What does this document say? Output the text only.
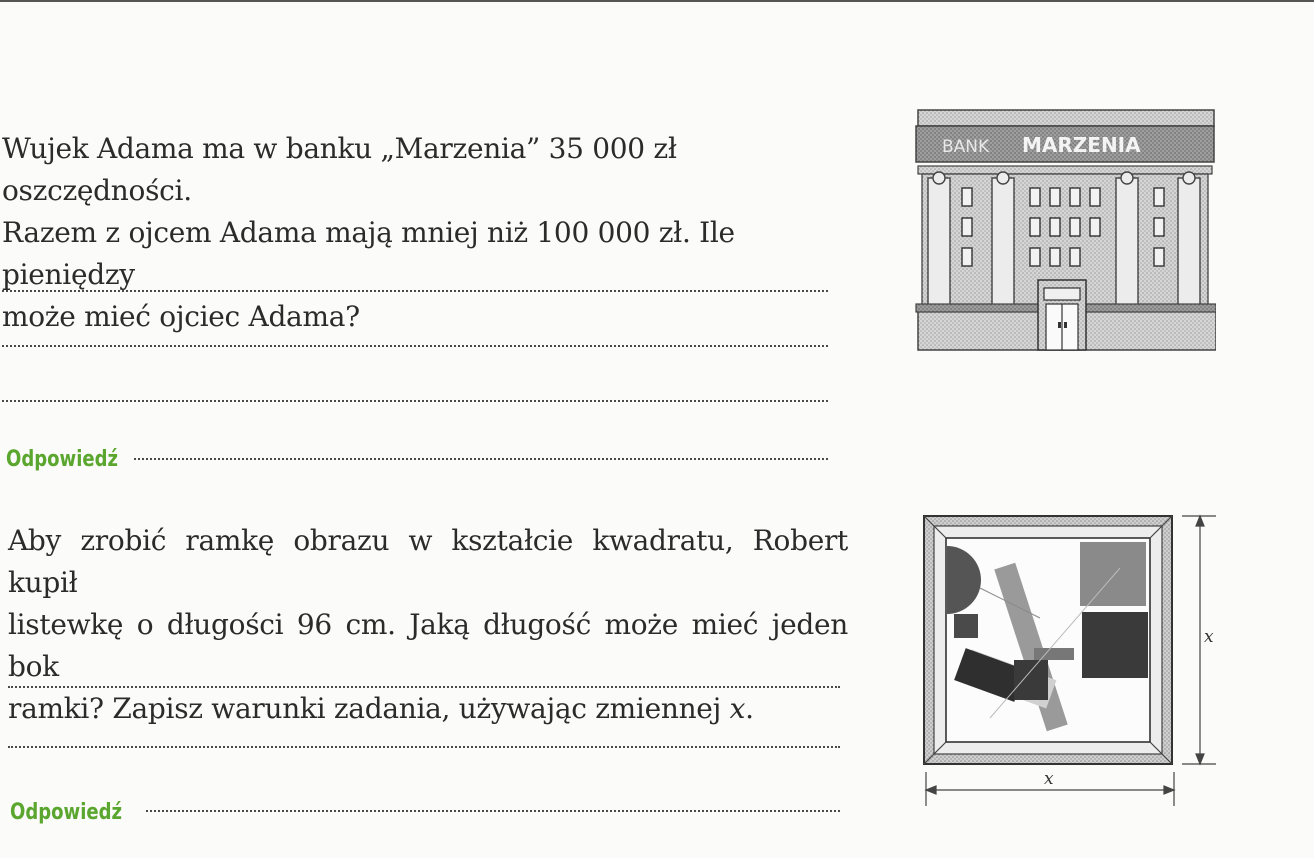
Wujek Adama ma w banku „Marzenia” 35 000 zł oszczędności.
Razem z ojcem Adama mają mniej niż 100 000 zł. Ile pieniędzy
może mieć ojciec Adama?
Odpowiedź
BANK MARZENIA
Aby zrobić ramkę obrazu w kształcie kwadratu, Robert kupił
listewkę o długości 96 cm. Jaką długość może mieć jeden bok
ramki? Zapisz warunki zadania, używając zmiennej x.
Odpowiedź
x
x
